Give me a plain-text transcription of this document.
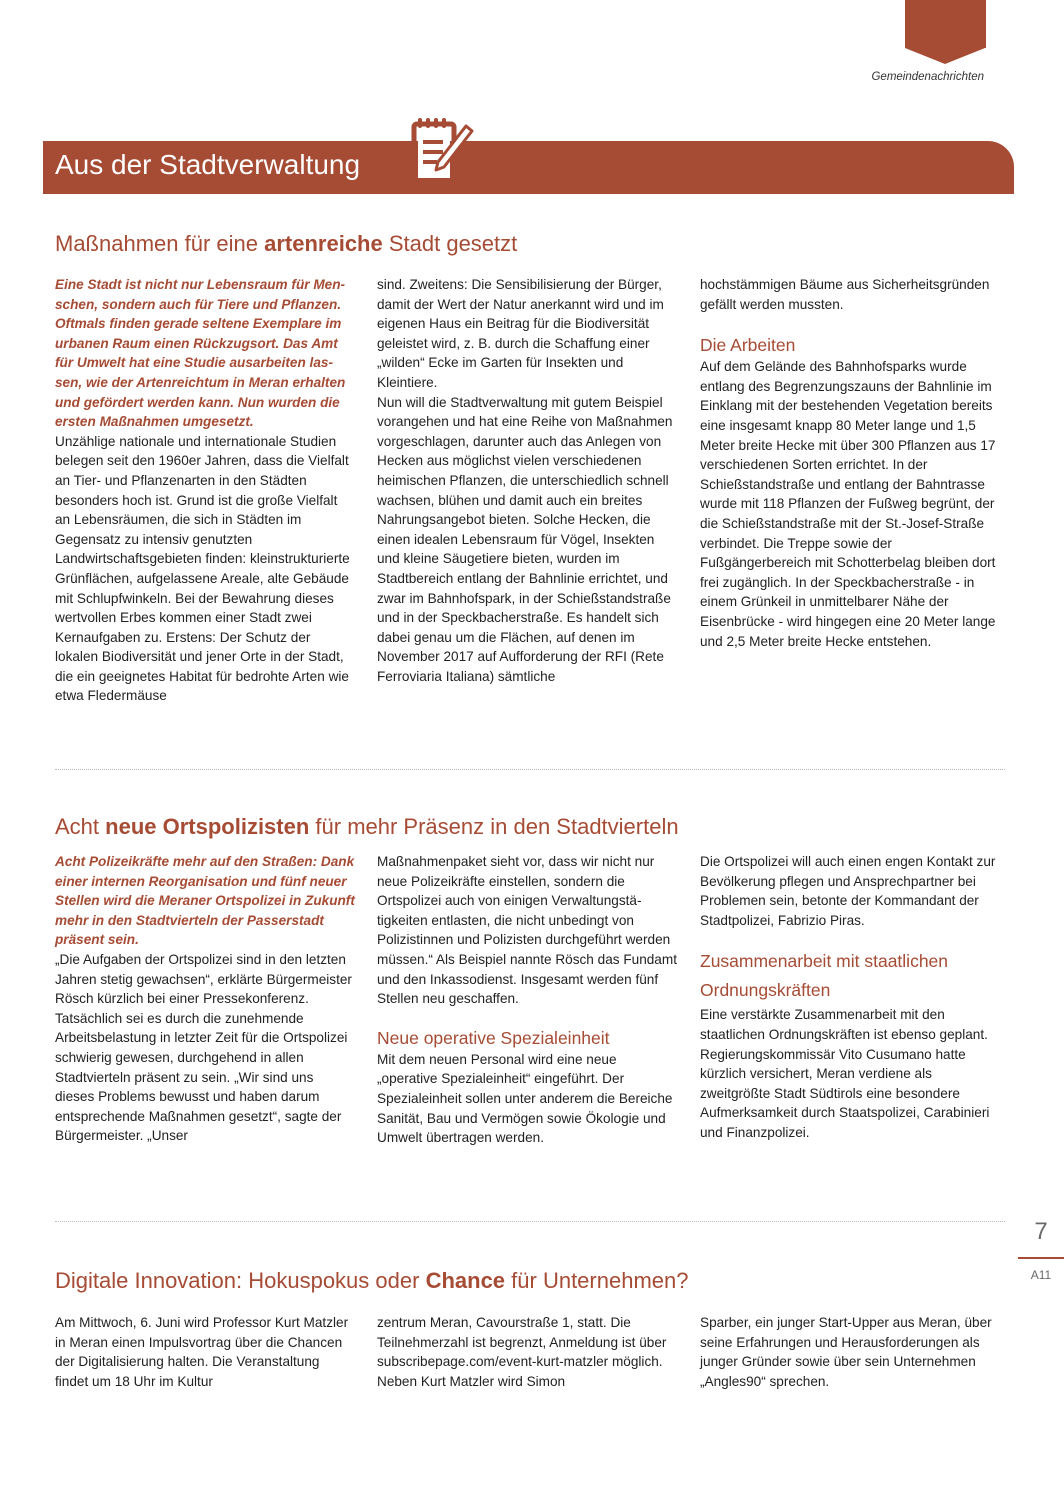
Gemeindenachrichten
Aus der Stadtverwaltung
Maßnahmen für eine artenreiche Stadt gesetzt

Eine Stadt ist nicht nur Lebensraum für Menschen, sondern auch für Tiere und Pflanzen. Oftmals finden gerade seltene Exemplare im urbanen Raum einen Rückzugsort. Das Amt für Umwelt hat eine Studie ausarbeiten lassen, wie der Artenreichtum in Meran erhalten und gefördert werden kann. Nun wurden die ersten Maßnahmen umgesetzt.

Unzählige nationale und internationale Studien belegen seit den 1960er Jahren, dass die Vielfalt an Tier- und Pflanzenarten in den Städten besonders hoch ist. Grund ist die große Vielfalt an Lebensräumen, die sich in Städten im Gegensatz zu intensiv genutzten Landwirtschaftsgebieten finden: kleinstrukturierte Grünflächen, aufgelassene Areale, alte Gebäude mit Schlupfwinkeln. Bei der Bewahrung dieses wertvollen Erbes kommen einer Stadt zwei Kernaufgaben zu. Erstens: Der Schutz der lokalen Biodiversität und jener Orte in der Stadt, die ein geeignetes Habitat für bedrohte Arten wie etwa Fledermäuse

sind. Zweitens: Die Sensibilisierung der Bürger, damit der Wert der Natur anerkannt wird und im eigenen Haus ein Beitrag für die Biodiversität geleistet wird, z. B. durch die Schaffung einer „wilden“ Ecke im Garten für Insekten und Kleintiere.

Nun will die Stadtverwaltung mit gutem Beispiel vorangehen und hat eine Reihe von Maßnahmen vorgeschlagen, darunter auch das Anlegen von Hecken aus möglichst vielen verschiedenen heimischen Pflanzen, die unterschiedlich schnell wachsen, blühen und damit auch ein breites Nahrungsangebot bieten. Solche Hecken, die einen idealen Lebensraum für Vögel, Insekten und kleine Säugetiere bieten, wurden im Stadtbereich entlang der Bahnlinie errichtet, und zwar im Bahnhofspark, in der Schießstandstraße und in der Speckbacherstraße. Es handelt sich dabei genau um die Flächen, auf denen im November 2017 auf Aufforderung der RFI (Rete Ferroviaria Italiana) sämtliche

hochstämmigen Bäume aus Sicherheitsgründen gefällt werden mussten.

Die Arbeiten

Auf dem Gelände des Bahnhofsparks wurde entlang des Begrenzungszauns der Bahnlinie im Einklang mit der bestehenden Vegetation bereits eine insgesamt knapp 80 Meter lange und 1,5 Meter breite Hecke mit über 300 Pflanzen aus 17 verschiedenen Sorten errichtet. In der Schießstandstraße und entlang der Bahntrasse wurde mit 118 Pflanzen der Fußweg begrünt, der die Schießstandstraße mit der St.-Josef-Straße verbindet. Die Treppe sowie der Fußgängerbereich mit Schotterbelag bleiben dort frei zugänglich. In der Speckbacherstraße - in einem Grünkeil in unmittelbarer Nähe der Eisenbrücke - wird hingegen eine 20 Meter lange und 2,5 Meter breite Hecke entstehen.

Acht neue Ortspolizisten für mehr Präsenz in den Stadtvierteln

Acht Polizeikräfte mehr auf den Straßen: Dank einer internen Reorganisation und fünf neuer Stellen wird die Meraner Ortspolizei in Zukunft mehr in den Stadtvierteln der Passerstadt präsent sein.

„Die Aufgaben der Ortspolizei sind in den letzten Jahren stetig gewachsen“, erklärte Bürgermeister Rösch kürzlich bei einer Pressekonferenz. Tatsächlich sei es durch die zunehmende Arbeitsbelastung in letzter Zeit für die Ortspolizei schwierig gewesen, durchgehend in allen Stadtvierteln präsent zu sein. „Wir sind uns dieses Problems bewusst und haben darum entsprechende Maßnahmen gesetzt“, sagte der Bürgermeister. „Unser

Maßnahmenpaket sieht vor, dass wir nicht nur neue Polizeikräfte einstellen, sondern die Ortspolizei auch von einigen Verwaltungstätigkeiten entlasten, die nicht unbedingt von Polizistinnen und Polizisten durchgeführt werden müssen.“ Als Beispiel nannte Rösch das Fundamt und den Inkassodienst. Insgesamt werden fünf Stellen neu geschaffen.

Neue operative Spezialeinheit

Mit dem neuen Personal wird eine neue „operative Spezialeinheit“ eingeführt. Der Spezialeinheit sollen unter anderem die Bereiche Sanität, Bau und Vermögen sowie Ökologie und Umwelt übertragen werden.

Die Ortspolizei will auch einen engen Kontakt zur Bevölkerung pflegen und Ansprechpartner bei Problemen sein, betonte der Kommandant der Stadtpolizei, Fabrizio Piras.

Zusammenarbeit mit staatlichen Ordnungskräften

Eine verstärkte Zusammenarbeit mit den staatlichen Ordnungskräften ist ebenso geplant. Regierungskommissär Vito Cusumano hatte kürzlich versichert, Meran verdiene als zweitgrößte Stadt Südtirols eine besondere Aufmerksamkeit durch Staatspolizei, Carabinieri und Finanzpolizei.

Digitale Innovation: Hokuspokus oder Chance für Unternehmen?

Am Mittwoch, 6. Juni wird Professor Kurt Matzler in Meran einen Impulsvortrag über die Chancen der Digitalisierung halten. Die Veranstaltung findet um 18 Uhr im Kultur

zentrum Meran, Cavourstraße 1, statt. Die Teilnehmerzahl ist begrenzt, Anmeldung ist über subscribepage.com/event-kurt-matzler möglich. Neben Kurt Matzler wird Simon

Sparber, ein junger Start-Upper aus Meran, über seine Erfahrungen und Herausforderungen als junger Gründer sowie über sein Unternehmen „Angles90“ sprechen.

7
A11
